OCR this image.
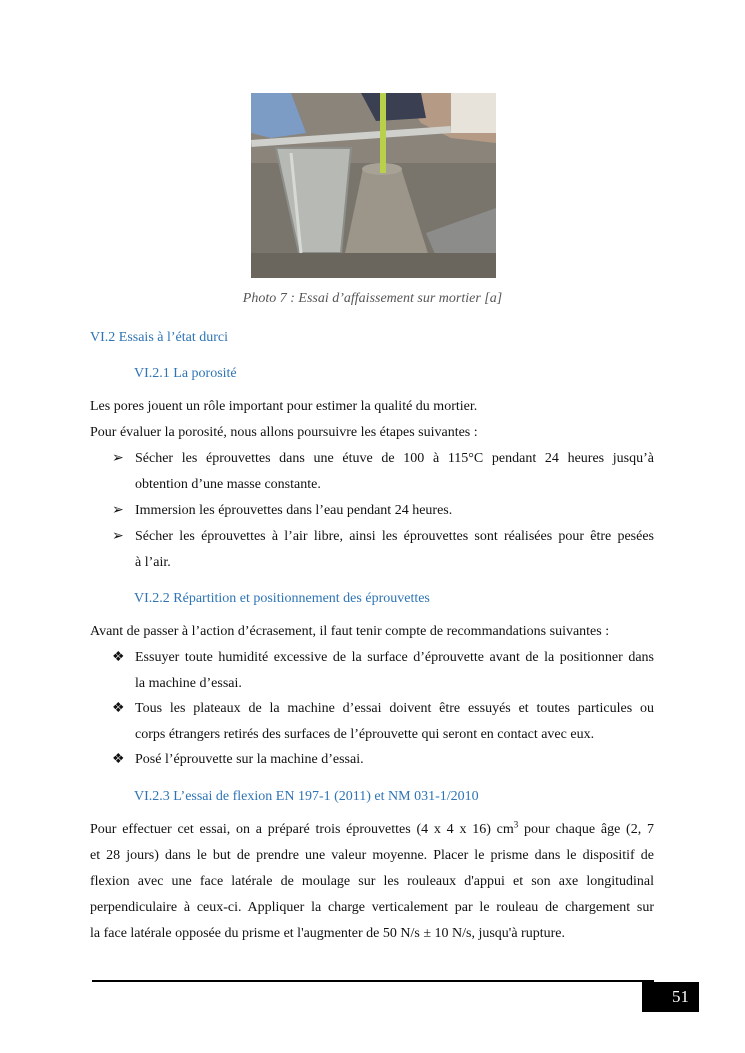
Photo 7 : Essai d’affaissement sur mortier [a]
VI.2 Essais à l’état durci
VI.2.1 La porosité
Les pores jouent un rôle important pour estimer la qualité du mortier.
Pour évaluer la porosité, nous allons poursuivre les étapes suivantes :
➢ Sécher les éprouvettes dans une étuve de 100 à 115°C pendant 24 heures jusqu’à
obtention d’une masse constante.
➢ Immersion les éprouvettes dans l’eau pendant 24 heures.
➢ Sécher les éprouvettes à l’air libre, ainsi les éprouvettes sont réalisées pour être pesées
à l’air.
VI.2.2 Répartition et positionnement des éprouvettes
Avant de passer à l’action d’écrasement, il faut tenir compte de recommandations suivantes :
❖ Essuyer toute humidité excessive de la surface d’éprouvette avant de la positionner dans
la machine d’essai.
❖ Tous les plateaux de la machine d’essai doivent être essuyés et toutes particules ou
corps étrangers retirés des surfaces de l’éprouvette qui seront en contact avec eux.
❖ Posé l’éprouvette sur la machine d’essai.
VI.2.3 L’essai de flexion EN 197-1 (2011) et NM 031-1/2010
Pour effectuer cet essai, on a préparé trois éprouvettes (4 x 4 x 16) $cm^3$ pour chaque âge (2, 7
et 28 jours) dans le but de prendre une valeur moyenne. Placer le prisme dans le dispositif de
flexion avec une face latérale de moulage sur les rouleaux d'appui et son axe longitudinal
perpendiculaire à ceux-ci. Appliquer la charge verticalement par le rouleau de chargement sur
la face latérale opposée du prisme et l'augmenter de 50 N/s ± 10 N/s, jusqu'à rupture.
51
